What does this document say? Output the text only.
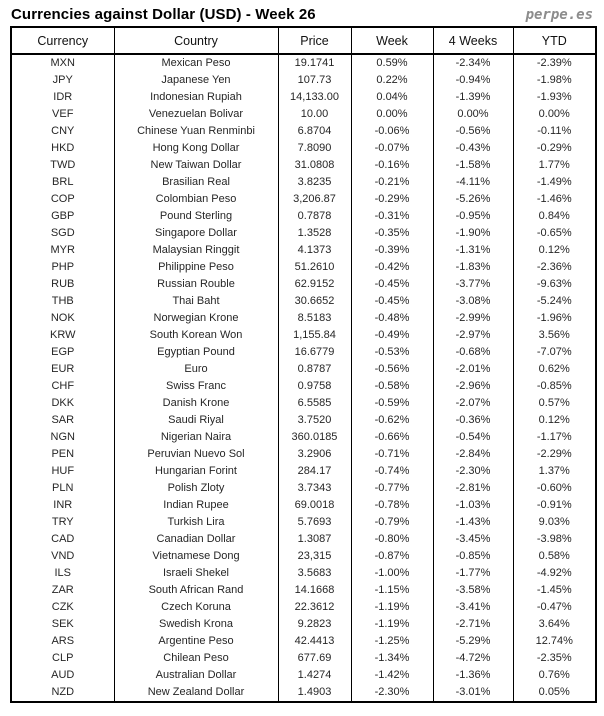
Currencies against Dollar (USD) - Week 26	perpe.es
Currency	Country	Price	Week	4 Weeks	YTD
MXN	Mexican Peso	19.1741	0.59%	-2.34%	-2.39%
JPY	Japanese Yen	107.73	0.22%	-0.94%	-1.98%
IDR	Indonesian Rupiah	14,133.00	0.04%	-1.39%	-1.93%
VEF	Venezuelan Bolivar	10.00	0.00%	0.00%	0.00%
CNY	Chinese Yuan Renminbi	6.8704	-0.06%	-0.56%	-0.11%
HKD	Hong Kong Dollar	7.8090	-0.07%	-0.43%	-0.29%
TWD	New Taiwan Dollar	31.0808	-0.16%	-1.58%	1.77%
BRL	Brasilian Real	3.8235	-0.21%	-4.11%	-1.49%
COP	Colombian Peso	3,206.87	-0.29%	-5.26%	-1.46%
GBP	Pound Sterling	0.7878	-0.31%	-0.95%	0.84%
SGD	Singapore Dollar	1.3528	-0.35%	-1.90%	-0.65%
MYR	Malaysian Ringgit	4.1373	-0.39%	-1.31%	0.12%
PHP	Philippine Peso	51.2610	-0.42%	-1.83%	-2.36%
RUB	Russian Rouble	62.9152	-0.45%	-3.77%	-9.63%
THB	Thai Baht	30.6652	-0.45%	-3.08%	-5.24%
NOK	Norwegian Krone	8.5183	-0.48%	-2.99%	-1.96%
KRW	South Korean Won	1,155.84	-0.49%	-2.97%	3.56%
EGP	Egyptian Pound	16.6779	-0.53%	-0.68%	-7.07%
EUR	Euro	0.8787	-0.56%	-2.01%	0.62%
CHF	Swiss Franc	0.9758	-0.58%	-2.96%	-0.85%
DKK	Danish Krone	6.5585	-0.59%	-2.07%	0.57%
SAR	Saudi Riyal	3.7520	-0.62%	-0.36%	0.12%
NGN	Nigerian Naira	360.0185	-0.66%	-0.54%	-1.17%
PEN	Peruvian Nuevo Sol	3.2906	-0.71%	-2.84%	-2.29%
HUF	Hungarian Forint	284.17	-0.74%	-2.30%	1.37%
PLN	Polish Zloty	3.7343	-0.77%	-2.81%	-0.60%
INR	Indian Rupee	69.0018	-0.78%	-1.03%	-0.91%
TRY	Turkish Lira	5.7693	-0.79%	-1.43%	9.03%
CAD	Canadian Dollar	1.3087	-0.80%	-3.45%	-3.98%
VND	Vietnamese Dong	23,315	-0.87%	-0.85%	0.58%
ILS	Israeli Shekel	3.5683	-1.00%	-1.77%	-4.92%
ZAR	South African Rand	14.1668	-1.15%	-3.58%	-1.45%
CZK	Czech Koruna	22.3612	-1.19%	-3.41%	-0.47%
SEK	Swedish Krona	9.2823	-1.19%	-2.71%	3.64%
ARS	Argentine Peso	42.4413	-1.25%	-5.29%	12.74%
CLP	Chilean Peso	677.69	-1.34%	-4.72%	-2.35%
AUD	Australian Dollar	1.4274	-1.42%	-1.36%	0.76%
NZD	New Zealand Dollar	1.4903	-2.30%	-3.01%	0.05%
